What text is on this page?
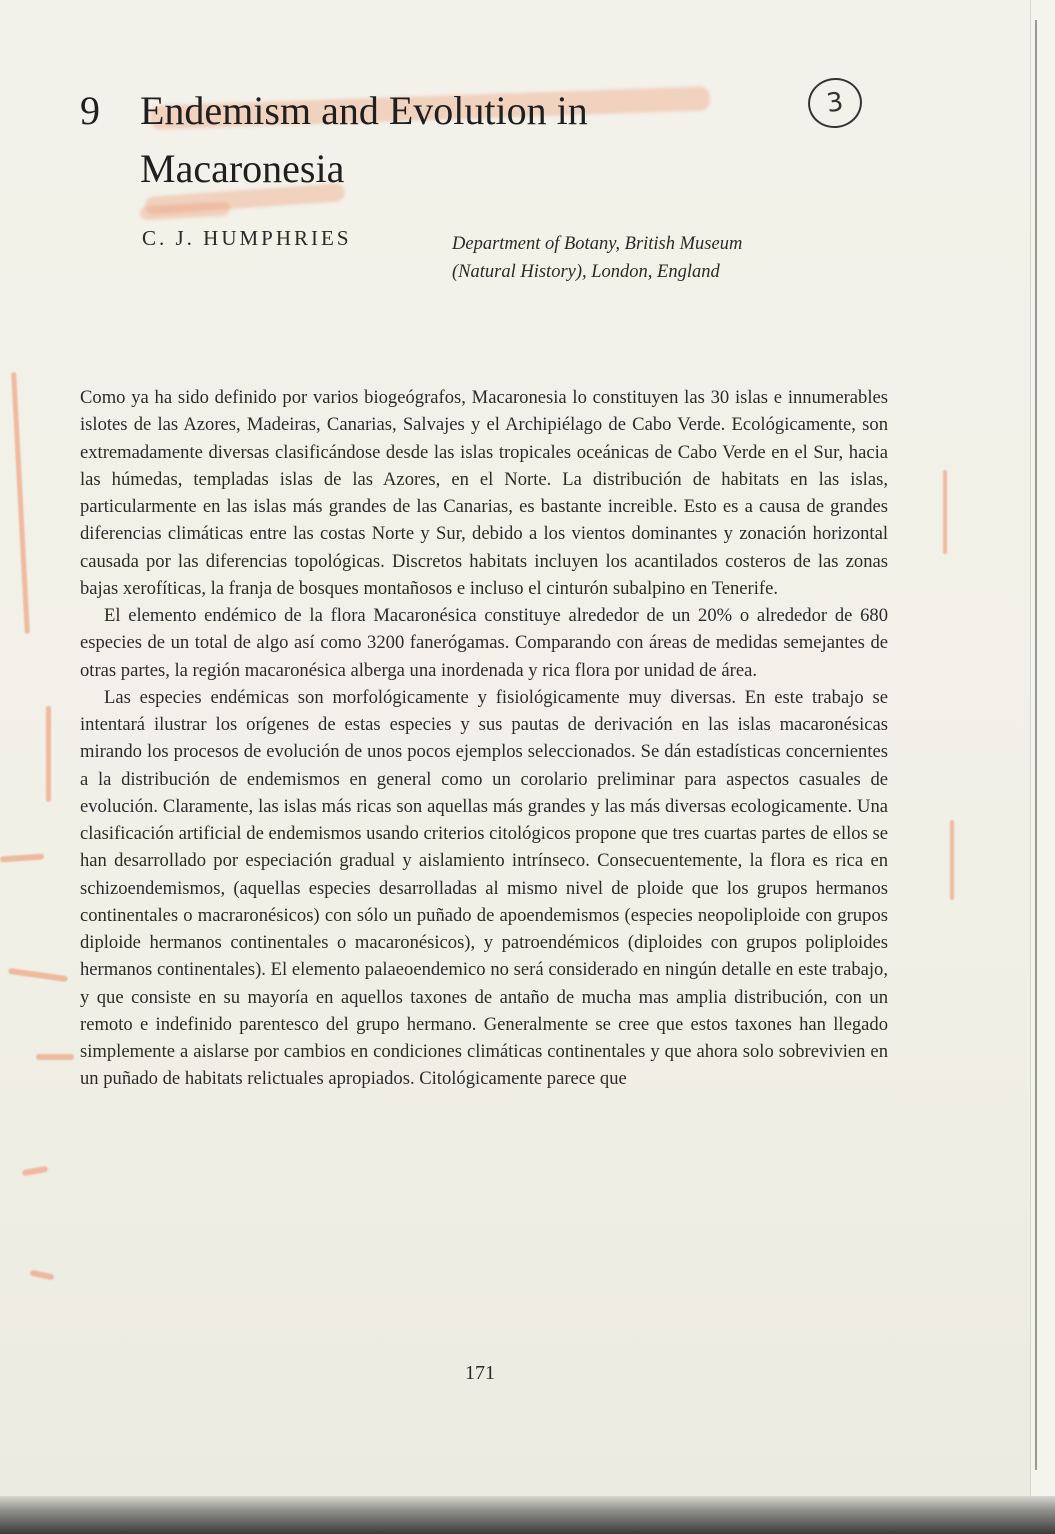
9 Endemism and Evolution in
Macaronesia
3
C. J. HUMPHRIES	Department of Botany, British Museum
(Natural History), London, England

Como ya ha sido definido por varios biogeógrafos, Macaronesia lo constituyen las 30 islas e innumerables islotes de las Azores, Madeiras, Canarias, Salvajes y el Archipiélago de Cabo Verde. Ecológicamente, son extremadamente diversas clasificándose desde las islas tropicales oceánicas de Cabo Verde en el Sur, hacia las húmedas, templadas islas de las Azores, en el Norte. La distribución de habitats en las islas, particularmente en las islas más grandes de las Canarias, es bastante increible. Esto es a causa de grandes diferencias climáticas entre las costas Norte y Sur, debido a los vientos dominantes y zonación horizontal causada por las diferencias topológicas. Discretos habitats incluyen los acantilados costeros de las zonas bajas xerofíticas, la franja de bosques montañosos e incluso el cinturón subalpino en Tenerife.

El elemento endémico de la flora Macaronésica constituye alrededor de un 20% o alrededor de 680 especies de un total de algo así como 3200 fanerógamas. Comparando con áreas de medidas semejantes de otras partes, la región macaronésica alberga una inordenada y rica flora por unidad de área.

Las especies endémicas son morfológicamente y fisiológicamente muy diversas. En este trabajo se intentará ilustrar los orígenes de estas especies y sus pautas de derivación en las islas macaronésicas mirando los procesos de evolución de unos pocos ejemplos seleccionados. Se dán estadísticas concernientes a la distribución de endemismos en general como un corolario preliminar para aspectos casuales de evolución. Claramente, las islas más ricas son aquellas más grandes y las más diversas ecologicamente. Una clasificación artificial de endemismos usando criterios citológicos propone que tres cuartas partes de ellos se han desarrollado por especiación gradual y aislamiento intrínseco. Consecuentemente, la flora es rica en schizoendemismos, (aquellas especies desarrolladas al mismo nivel de ploide que los grupos hermanos continentales o macraronésicos) con sólo un puñado de apoendemismos (especies neopoliploide con grupos diploide hermanos continentales o macaronésicos), y patroendémicos (diploides con grupos poliploides hermanos continentales). El elemento palaeoendemico no será considerado en ningún detalle en este trabajo, y que consiste en su mayoría en aquellos taxones de antaño de mucha mas amplia distribución, con un remoto e indefinido parentesco del grupo hermano. Generalmente se cree que estos taxones han llegado simplemente a aislarse por cambios en condiciones climáticas continentales y que ahora solo sobrevivien en un puñado de habitats relictuales apropiados. Citológicamente parece que

171
